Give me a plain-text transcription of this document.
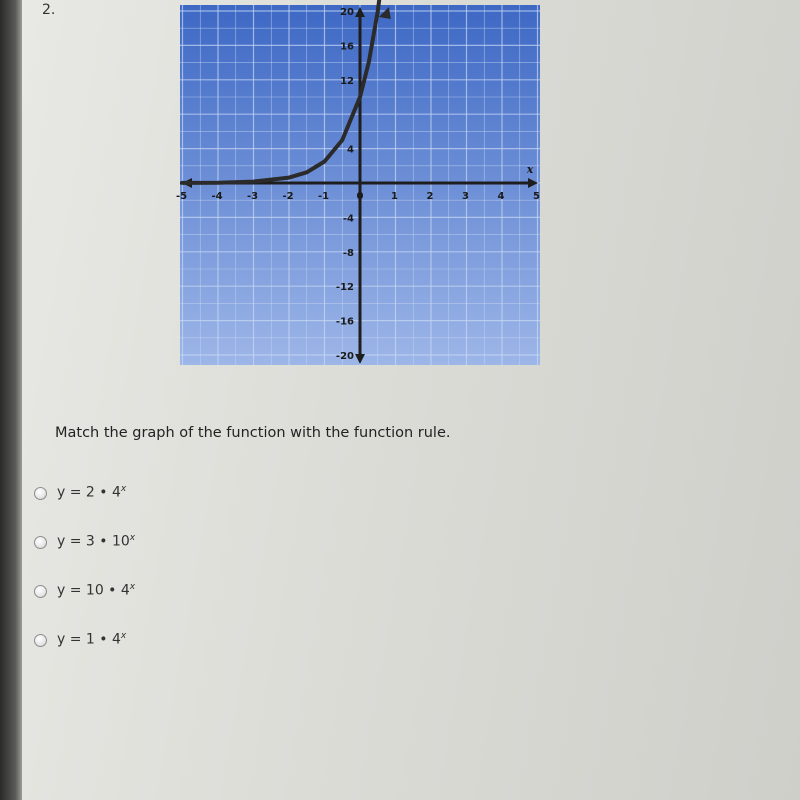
2.
-5 -4 -3 -2 -1	0	1	2	3	4	5
20
16
12
4
-4
-8
-12
-16
-20
x
Match the graph of the function with the function rule.
y = 2 • 4$^x$
y = 3 • 10$^x$
y = 10 • 4$^x$
y = 1 • 4$^x$
